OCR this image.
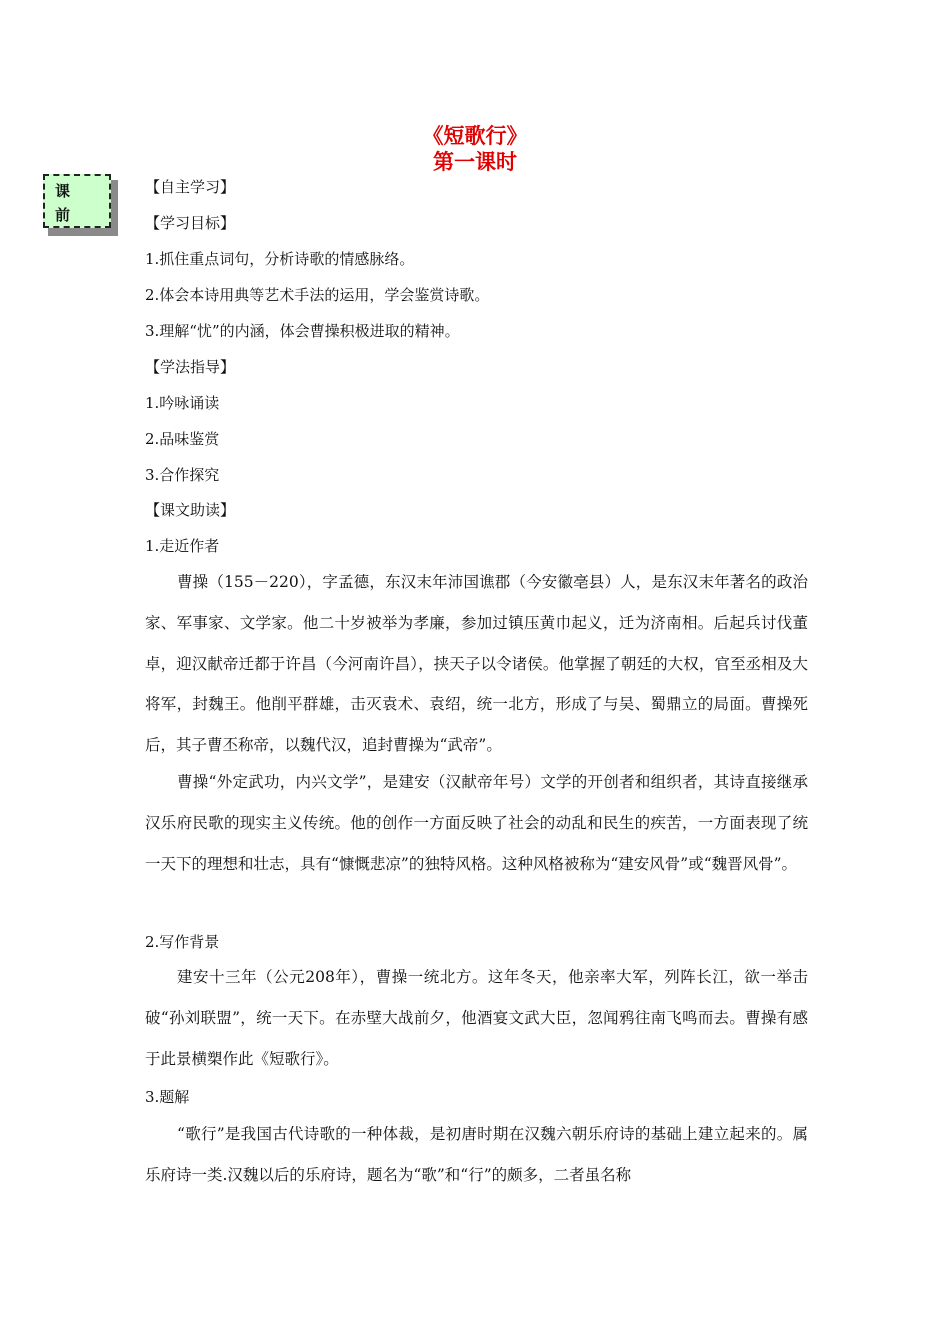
《短歌行》
第一课时
课
前
【自主学习】
【学习目标】
1.抓住重点词句，分析诗歌的情感脉络。
2.体会本诗用典等艺术手法的运用，学会鉴赏诗歌。
3.理解“忧”的内涵，体会曹操积极进取的精神。
【学法指导】
1.吟咏诵读
2.品味鉴赏
3.合作探究
【课文助读】
1.走近作者
曹操（155－220），字孟德，东汉末年沛国谯郡（今安徽亳县）人，是东汉末年著名的政治家、军事家、文学家。他二十岁被举为孝廉，参加过镇压黄巾起义，迁为济南相。后起兵讨伐董卓，迎汉献帝迁都于许昌（今河南许昌），挟天子以令诸侯。他掌握了朝廷的大权，官至丞相及大将军，封魏王。他削平群雄，击灭袁术、袁绍，统一北方，形成了与吴、蜀鼎立的局面。曹操死后，其子曹丕称帝，以魏代汉，追封曹操为“武帝”。
曹操“外定武功，内兴文学”，是建安（汉献帝年号）文学的开创者和组织者，其诗直接继承汉乐府民歌的现实主义传统。他的创作一方面反映了社会的动乱和民生的疾苦，一方面表现了统一天下的理想和壮志，具有“慷慨悲凉”的独特风格。这种风格被称为“建安风骨”或“魏晋风骨”。
2.写作背景
建安十三年（公元208年），曹操一统北方。这年冬天，他亲率大军，列阵长江，欲一举击破“孙刘联盟”，统一天下。在赤壁大战前夕，他酒宴文武大臣，忽闻鸦往南飞鸣而去。曹操有感于此景横槊作此《短歌行》。
3.题解
“歌行”是我国古代诗歌的一种体裁，是初唐时期在汉魏六朝乐府诗的基础上建立起来的。属乐府诗一类.汉魏以后的乐府诗，题名为“歌”和“行”的颇多，二者虽名称
